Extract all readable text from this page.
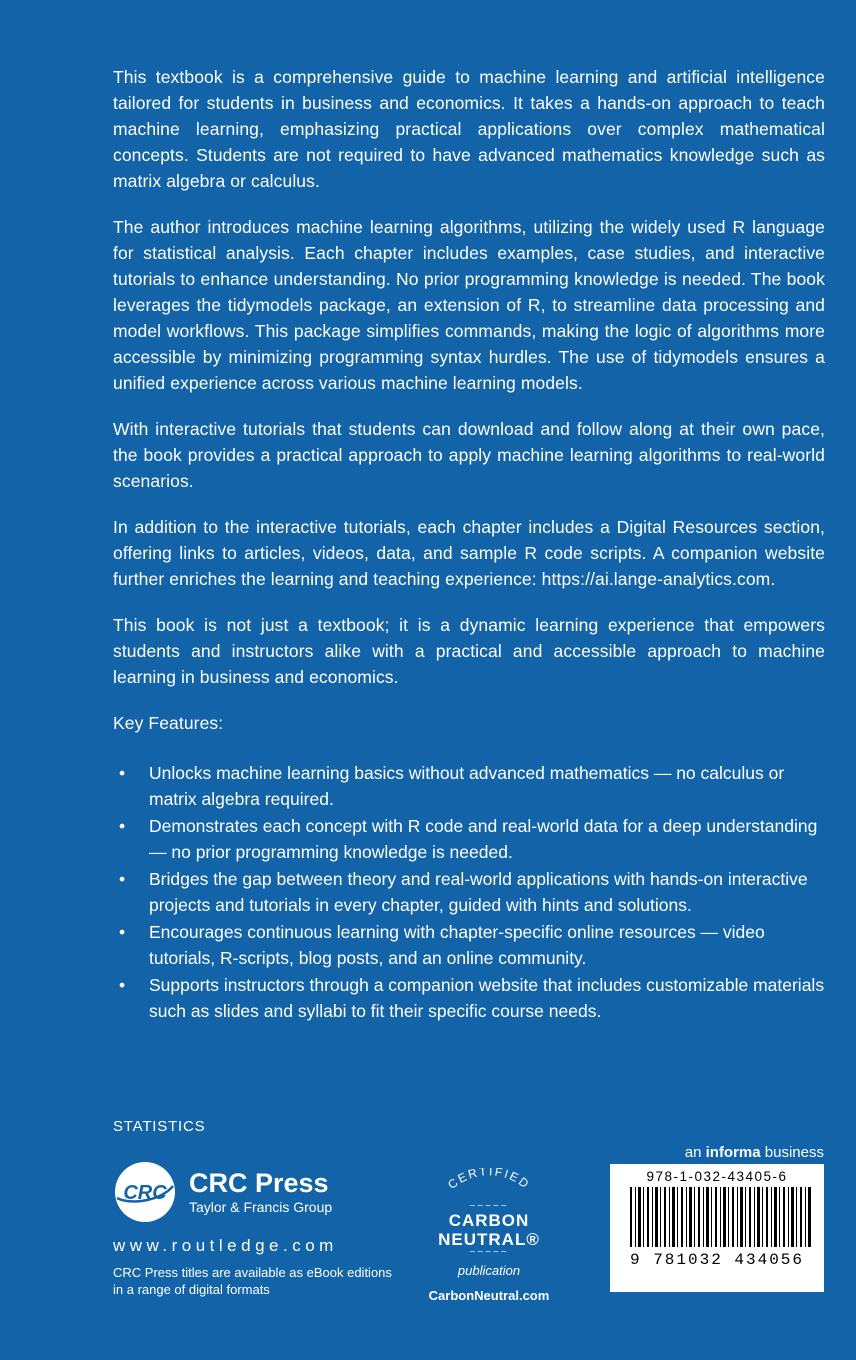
This textbook is a comprehensive guide to machine learning and artificial intelligence tailored for students in business and economics. It takes a hands-on approach to teach machine learning, emphasizing practical applications over complex mathematical concepts. Students are not required to have advanced mathematics knowledge such as matrix algebra or calculus.

The author introduces machine learning algorithms, utilizing the widely used R language for statistical analysis. Each chapter includes examples, case studies, and interactive tutorials to enhance understanding. No prior programming knowledge is needed. The book leverages the tidymodels package, an extension of R, to streamline data processing and model workflows. This package simplifies commands, making the logic of algorithms more accessible by minimizing programming syntax hurdles. The use of tidymodels ensures a unified experience across various machine learning models.

With interactive tutorials that students can download and follow along at their own pace, the book provides a practical approach to apply machine learning algorithms to real-world scenarios.

In addition to the interactive tutorials, each chapter includes a Digital Resources section, offering links to articles, videos, data, and sample R code scripts. A companion website further enriches the learning and teaching experience: https://ai.lange-analytics.com.

This book is not just a textbook; it is a dynamic learning experience that empowers students and instructors alike with a practical and accessible approach to machine learning in business and economics.

Key Features:

• Unlocks machine learning basics without advanced mathematics — no calculus or matrix algebra required.
• Demonstrates each concept with R code and real-world data for a deep understanding — no prior programming knowledge is needed.
• Bridges the gap between theory and real-world applications with hands-on interactive projects and tutorials in every chapter, guided with hints and solutions.
• Encourages continuous learning with chapter-specific online resources — video tutorials, R-scripts, blog posts, and an online community.
• Supports instructors through a companion website that includes customizable materials such as slides and syllabi to fit their specific course needs.
STATISTICS
CRC CRC Press
Taylor & Francis Group
www.routledge.com
CRC Press titles are available as eBook editions
in a range of digital formats
CERTIFIED
~~~~~
CARBON
NEUTRAL®
~~~~~
publication
CarbonNeutral.com
an informa business
978-1-032-43405-6
9 781032 434056
